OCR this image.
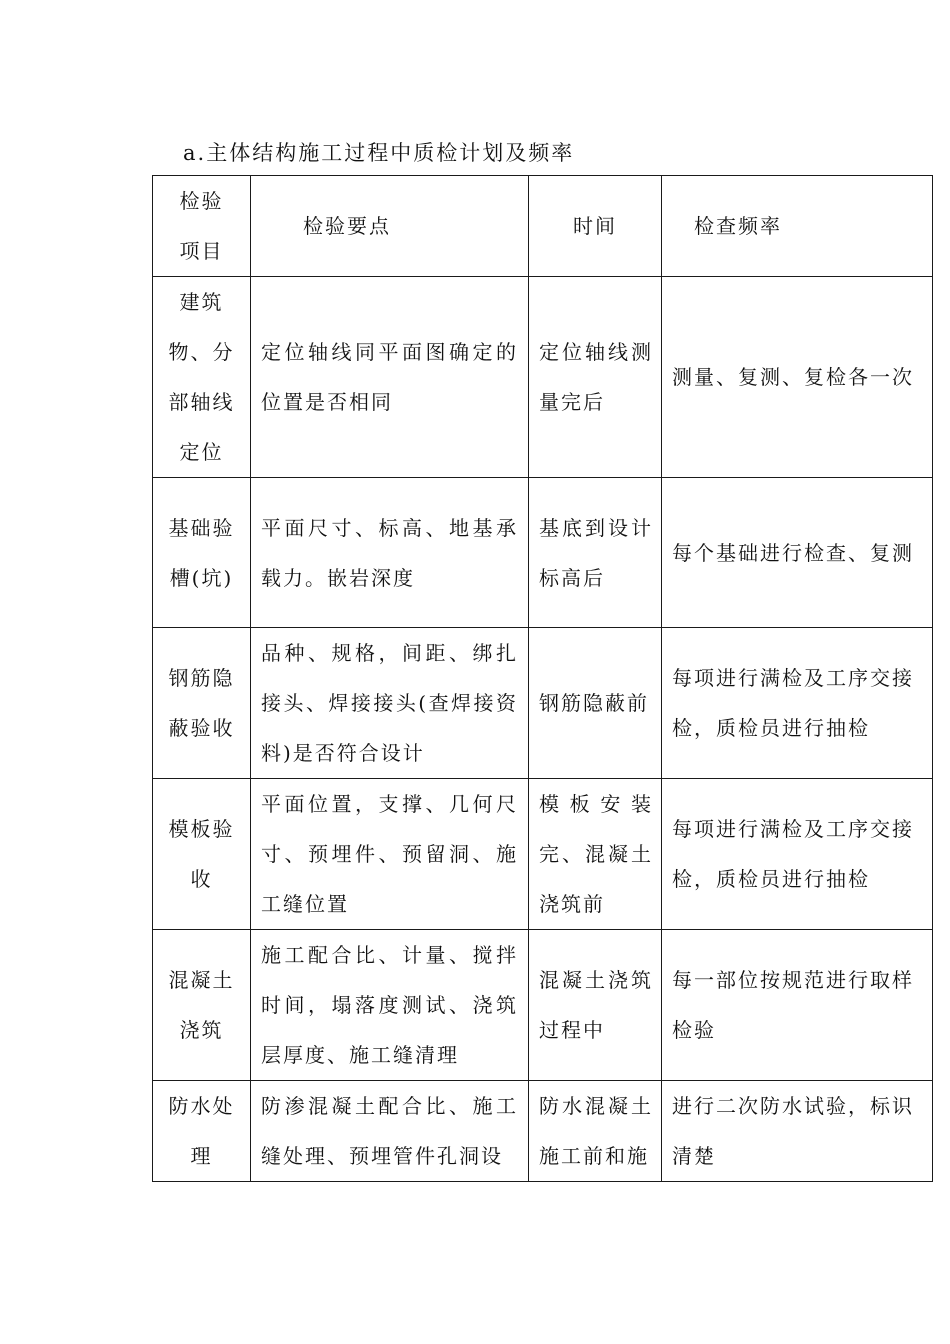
a.主体结构施工过程中质检计划及频率
检验项目	检验要点	时间	检查频率
建筑物、分部轴线定位	定位轴线同平面图确定的位置是否相同	定位轴线测量完后	测量、复测、复检各一次
基础验槽(坑)	平面尺寸、标高、地基承载力。嵌岩深度	基底到设计标高后	每个基础进行检查、复测
钢筋隐蔽验收	品种、规格，间距、绑扎接头、焊接接头(查焊接资料)是否符合设计	钢筋隐蔽前	每项进行满检及工序交接检，质检员进行抽检
模板验收	平面位置，支撑、几何尺寸、预埋件、预留洞、施工缝位置	模板安装完、混凝土浇筑前	每项进行满检及工序交接检，质检员进行抽检
混凝土浇筑	施工配合比、计量、搅拌时间，塌落度测试、浇筑层厚度、施工缝清理	混凝土浇筑过程中	每一部位按规范进行取样检验
防水处理	防渗混凝土配合比、施工缝处理、预埋管件孔洞设	防水混凝土施工前和施	进行二次防水试验，标识清楚
